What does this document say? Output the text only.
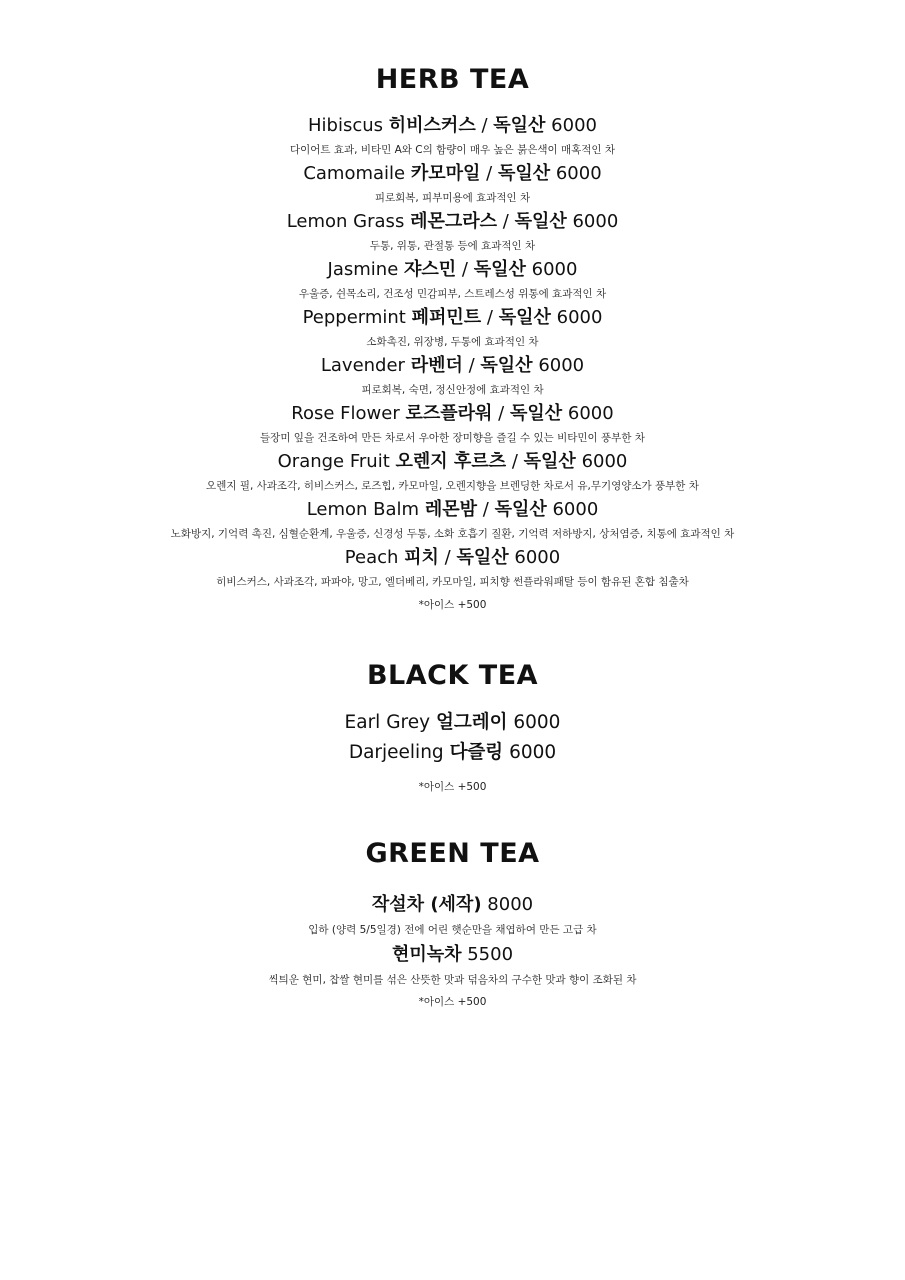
HERB TEA

Hibiscus 히비스커스 / 독일산 6000

다이어트 효과, 비타민 A와 C의 함량이 매우 높은 붉은색이 매혹적인 차

Camomaile 카모마일 / 독일산 6000

피로회복, 피부미용에 효과적인 차

Lemon Grass 레몬그라스 / 독일산 6000

두통, 위통, 관절통 등에 효과적인 차

Jasmine 쟈스민 / 독일산 6000

우울증, 쉰목소리, 건조성 민감피부, 스트레스성 위통에 효과적인 차

Peppermint 페퍼민트 / 독일산 6000

소화촉진, 위장병, 두통에 효과적인 차

Lavender 라벤더 / 독일산 6000

피로회복, 숙면, 정신안정에 효과적인 차

Rose Flower 로즈플라워 / 독일산 6000

들장미 잎을 건조하여 만든 차로서 우아한 장미향을 즐길 수 있는 비타민이 풍부한 차

Orange Fruit 오렌지 후르츠 / 독일산 6000

오렌지 필, 사과조각, 히비스커스, 로즈힙, 카모마일, 오렌지향을 브렌딩한 차로서 유,무기영양소가 풍부한 차

Lemon Balm 레몬밤 / 독일산 6000

노화방지, 기억력 촉진, 심혈순환계, 우울증, 신경성 두통, 소화 호흡기 질환, 기억력 저하방지, 상처염증, 치통에 효과적인 차

Peach 피치 / 독일산 6000

히비스커스, 사과조각, 파파야, 망고, 엘더베리, 카모마일, 피치향 썬플라워패탈 등이 함유된 혼합 침출차

*아이스 +500

BLACK TEA

Earl Grey 얼그레이 6000

Darjeeling 다즐링 6000

*아이스 +500

GREEN TEA

작설차 (세작) 8000

입하 (양력 5/5일경) 전에 어린 햇순만을 채엽하여 만든 고급 차

현미녹차 5500

씩틔운 현미, 찹쌀 현미를 섞은 산뜻한 맛과 덖음차의 구수한 맛과 향이 조화된 차

*아이스 +500
